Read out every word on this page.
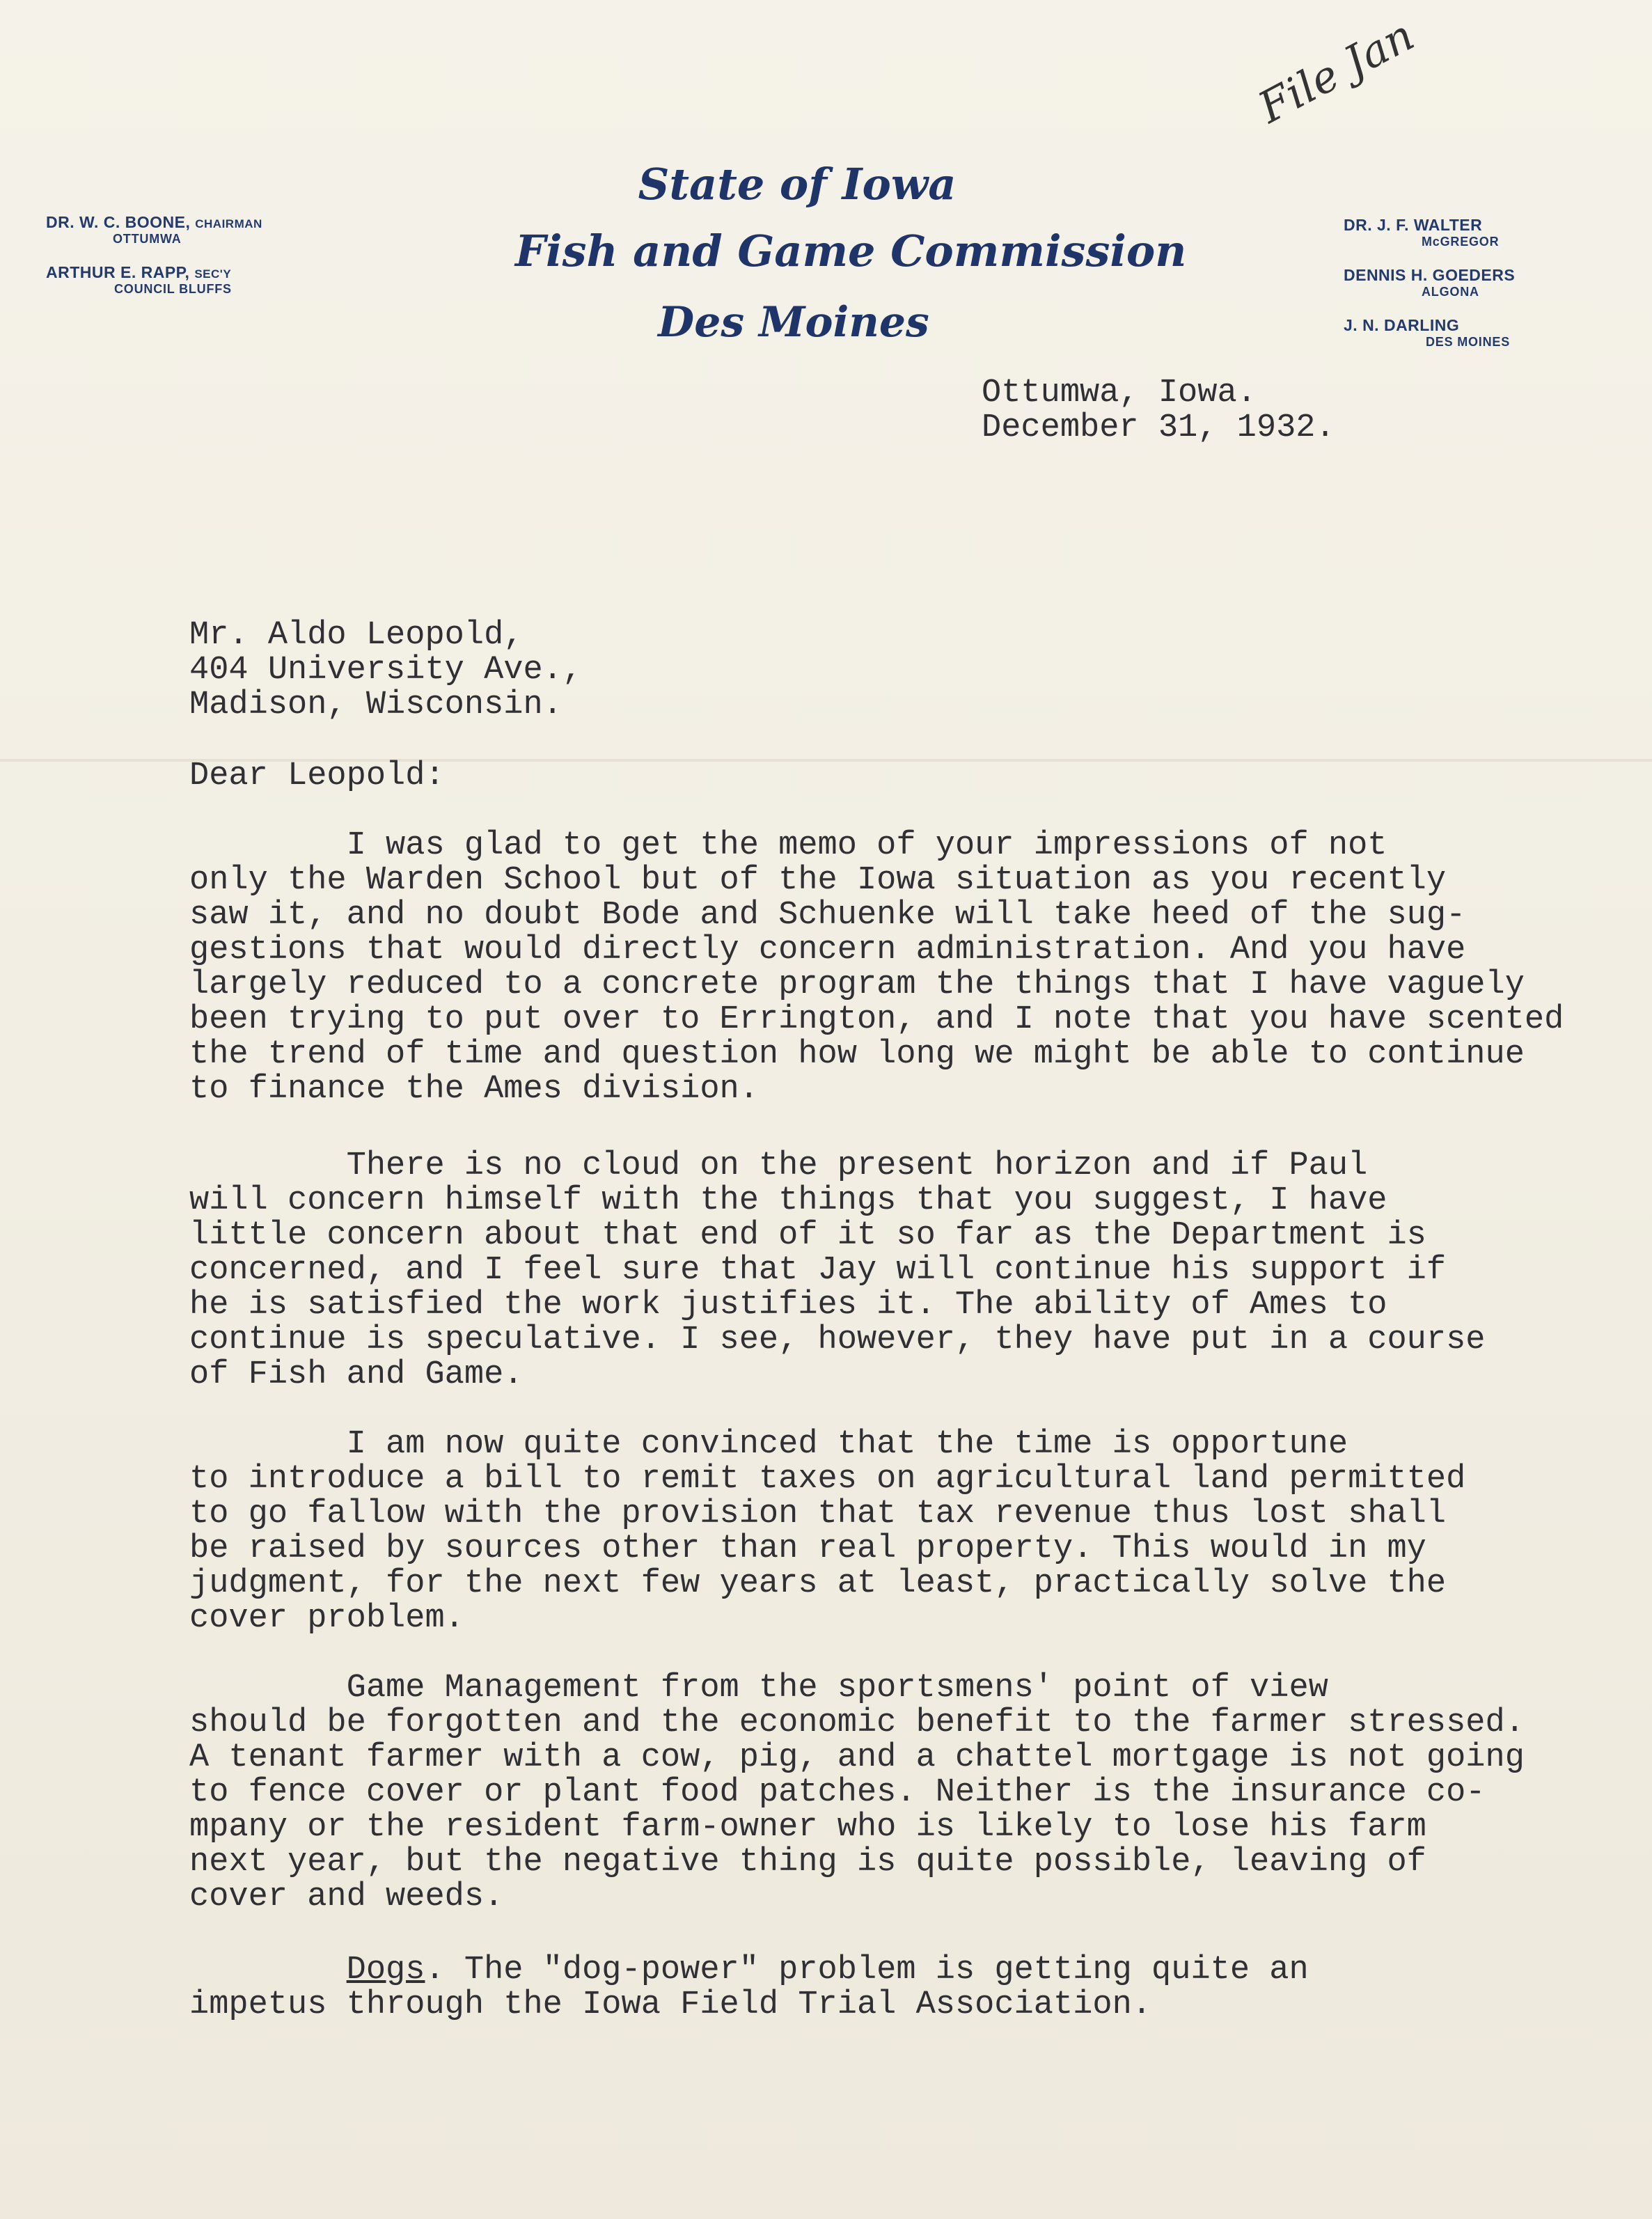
File Jan

DR. W. C. BOONE, CHAIRMAN

OTTUMWA

ARTHUR E. RAPP, SEC'Y

COUNCIL BLUFFS

State of Iowa

Fish and Game Commission

Des Moines

DR. J. F. WALTER

McGREGOR

DENNIS H. GOEDERS

ALGONA

J. N. DARLING

DES MOINES

Ottumwa, Iowa.

December 31, 1932.

Mr. Aldo Leopold,

404 University Ave.,

Madison, Wisconsin.

Dear Leopold:

I was glad to get the memo of your impressions of not

only the Warden School but of the Iowa situation as you recently

saw it, and no doubt Bode and Schuenke will take heed of the sug-

gestions that would directly concern administration. And you have

largely reduced to a concrete program the things that I have vaguely

been trying to put over to Errington, and I note that you have scented

the trend of time and question how long we might be able to continue

to finance the Ames division.

There is no cloud on the present horizon and if Paul

will concern himself with the things that you suggest, I have

little concern about that end of it so far as the Department is

concerned, and I feel sure that Jay will continue his support if

he is satisfied the work justifies it. The ability of Ames to

continue is speculative. I see, however, they have put in a course

of Fish and Game.

I am now quite convinced that the time is opportune

to introduce a bill to remit taxes on agricultural land permitted

to go fallow with the provision that tax revenue thus lost shall

be raised by sources other than real property. This would in my

judgment, for the next few years at least, practically solve the

cover problem.

Game Management from the sportsmens' point of view

should be forgotten and the economic benefit to the farmer stressed.

A tenant farmer with a cow, pig, and a chattel mortgage is not going

to fence cover or plant food patches. Neither is the insurance co-

mpany or the resident farm-owner who is likely to lose his farm

next year, but the negative thing is quite possible, leaving of

cover and weeds.

Dogs. The "dog-power" problem is getting quite an

impetus through the Iowa Field Trial Association.
